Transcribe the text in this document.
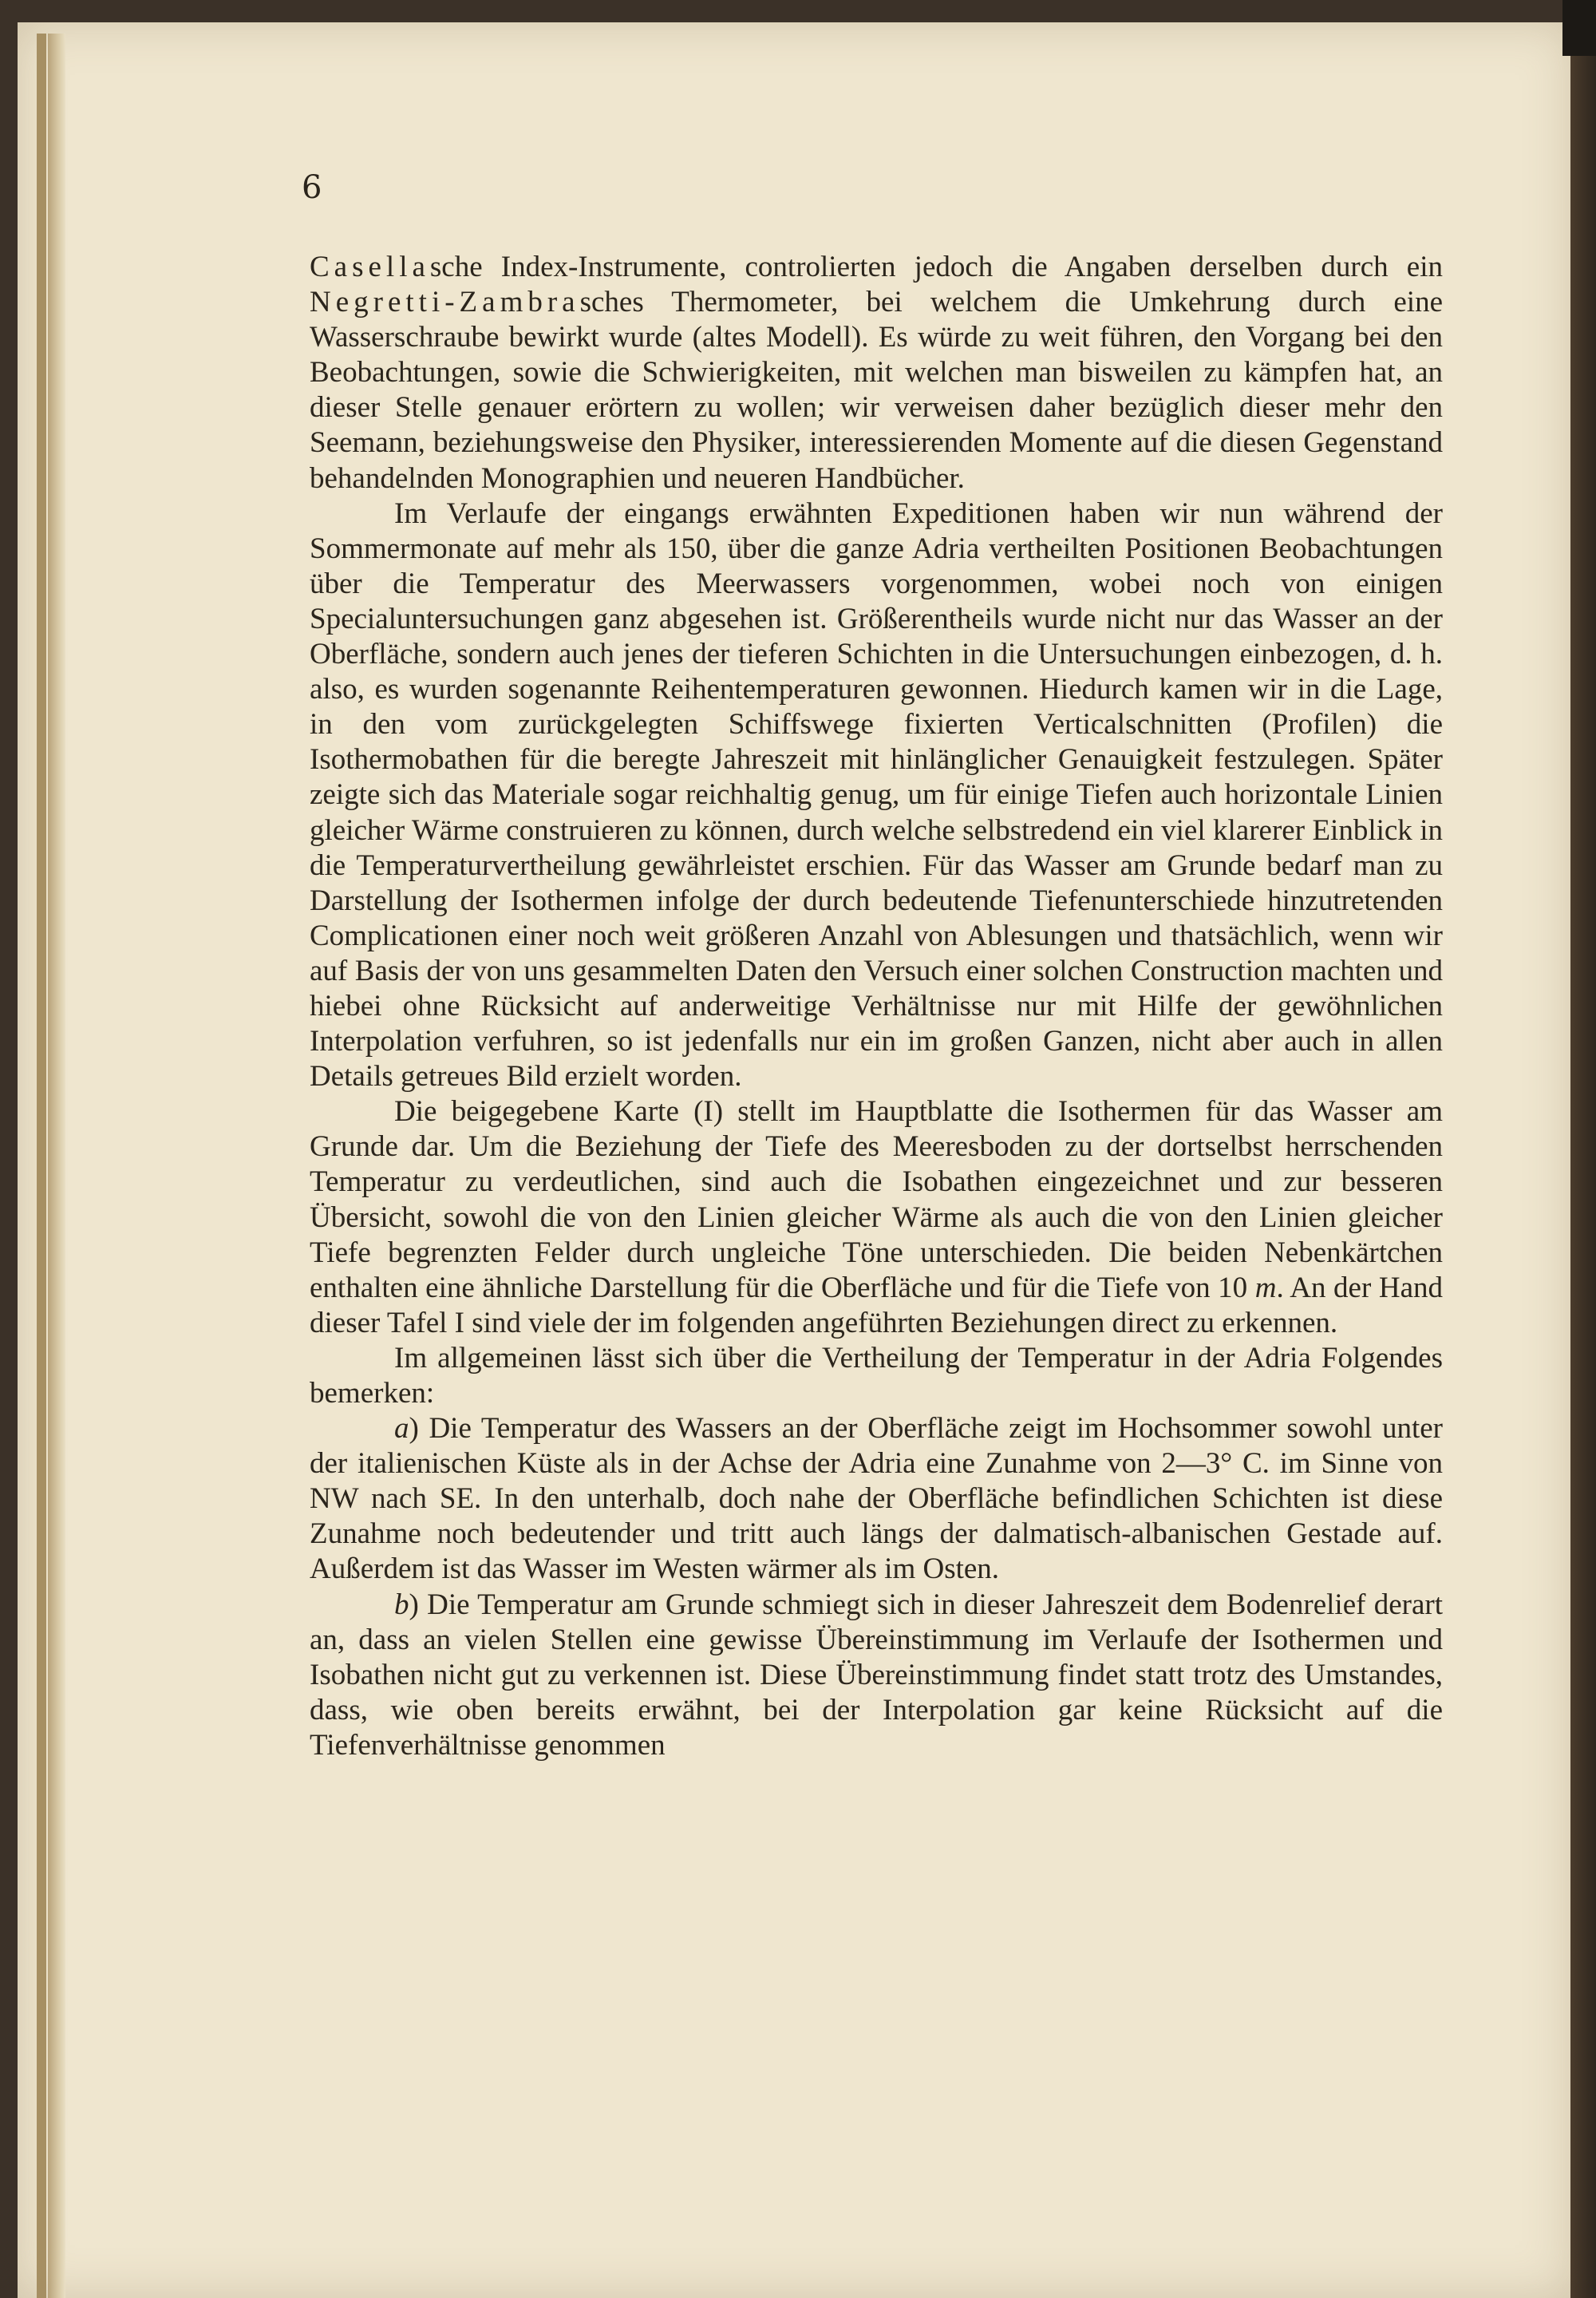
6

Casellasche Index-Instrumente, controlierten jedoch die Angaben derselben durch ein Negretti-Zambrasches Thermometer, bei welchem die Umkehrung durch eine Wasserschraube bewirkt wurde (altes Modell). Es würde zu weit führen, den Vorgang bei den Beobachtungen, sowie die Schwierigkeiten, mit welchen man bisweilen zu kämpfen hat, an dieser Stelle genauer erörtern zu wollen; wir verweisen daher bezüglich dieser mehr den Seemann, beziehungsweise den Physiker, interessierenden Momente auf die diesen Gegenstand behandelnden Monographien und neueren Handbücher.

Im Verlaufe der eingangs erwähnten Expeditionen haben wir nun während der Sommermonate auf mehr als 150, über die ganze Adria vertheilten Positionen Beobachtungen über die Temperatur des Meerwassers vorgenommen, wobei noch von einigen Specialuntersuchungen ganz abgesehen ist. Größerentheils wurde nicht nur das Wasser an der Oberfläche, sondern auch jenes der tieferen Schichten in die Untersuchungen einbezogen, d. h. also, es wurden sogenannte Reihentemperaturen gewonnen. Hiedurch kamen wir in die Lage, in den vom zurückgelegten Schiffswege fixierten Verticalschnitten (Profilen) die Isothermobathen für die beregte Jahreszeit mit hinlänglicher Genauigkeit festzulegen. Später zeigte sich das Materiale sogar reichhaltig genug, um für einige Tiefen auch horizontale Linien gleicher Wärme construieren zu können, durch welche selbstredend ein viel klarerer Einblick in die Temperaturvertheilung gewährleistet erschien. Für das Wasser am Grunde bedarf man zu Darstellung der Isothermen infolge der durch bedeutende Tiefenunterschiede hinzutretenden Complicationen einer noch weit größeren Anzahl von Ablesungen und thatsächlich, wenn wir auf Basis der von uns gesammelten Daten den Versuch einer solchen Construction machten und hiebei ohne Rücksicht auf anderweitige Verhältnisse nur mit Hilfe der gewöhnlichen Interpolation verfuhren, so ist jedenfalls nur ein im großen Ganzen, nicht aber auch in allen Details getreues Bild erzielt worden.

Die beigegebene Karte (I) stellt im Hauptblatte die Isothermen für das Wasser am Grunde dar. Um die Beziehung der Tiefe des Meeresboden zu der dortselbst herrschenden Temperatur zu verdeutlichen, sind auch die Isobathen eingezeichnet und zur besseren Übersicht, sowohl die von den Linien gleicher Wärme als auch die von den Linien gleicher Tiefe begrenzten Felder durch ungleiche Töne unterschieden. Die beiden Nebenkärtchen enthalten eine ähnliche Darstellung für die Oberfläche und für die Tiefe von 10 m. An der Hand dieser Tafel I sind viele der im folgenden angeführten Beziehungen direct zu erkennen.

Im allgemeinen lässt sich über die Vertheilung der Temperatur in der Adria Folgendes bemerken:

a) Die Temperatur des Wassers an der Oberfläche zeigt im Hochsommer sowohl unter der italienischen Küste als in der Achse der Adria eine Zunahme von 2—3° C. im Sinne von NW nach SE. In den unterhalb, doch nahe der Oberfläche befindlichen Schichten ist diese Zunahme noch bedeutender und tritt auch längs der dalmatisch-albanischen Gestade auf. Außerdem ist das Wasser im Westen wärmer als im Osten.

b) Die Temperatur am Grunde schmiegt sich in dieser Jahreszeit dem Bodenrelief derart an, dass an vielen Stellen eine gewisse Übereinstimmung im Verlaufe der Isothermen und Isobathen nicht gut zu verkennen ist. Diese Übereinstimmung findet statt trotz des Umstandes, dass, wie oben bereits erwähnt, bei der Interpolation gar keine Rücksicht auf die Tiefenverhältnisse genommen
